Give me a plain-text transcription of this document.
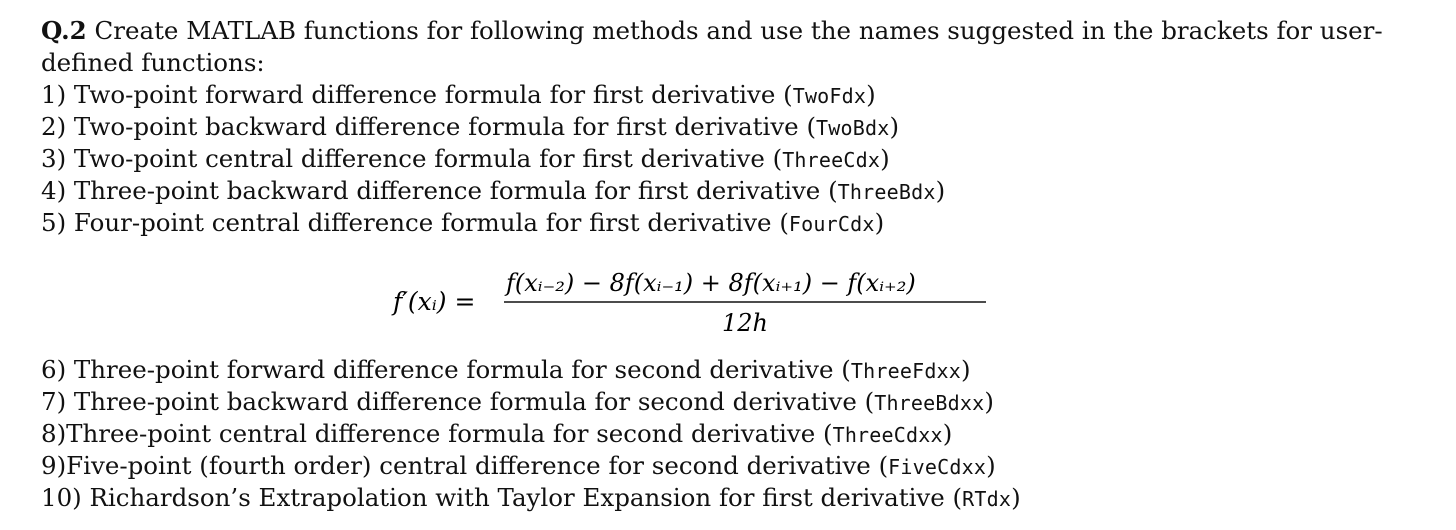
Q.2 Create MATLAB functions for following methods and use the names suggested in the brackets for user-
defined functions:
1) Two-point forward difference formula for first derivative (TwoFdx)
2) Two-point backward difference formula for first derivative (TwoBdx)
3) Two-point central difference formula for first derivative (ThreeCdx)
4) Three-point backward difference formula for first derivative (ThreeBdx)
5) Four-point central difference formula for first derivative (FourCdx)
f′(xᵢ) =
f(xᵢ₋₂) − 8f(xᵢ₋₁) + 8f(xᵢ₊₁) − f(xᵢ₊₂)
12h
6) Three-point forward difference formula for second derivative (ThreeFdxx)
7) Three-point backward difference formula for second derivative (ThreeBdxx)
8)Three-point central difference formula for second derivative (ThreeCdxx)
9)Five-point (fourth order) central difference for second derivative (FiveCdxx)
10) Richardson’s Extrapolation with Taylor Expansion for first derivative (RTdx)
